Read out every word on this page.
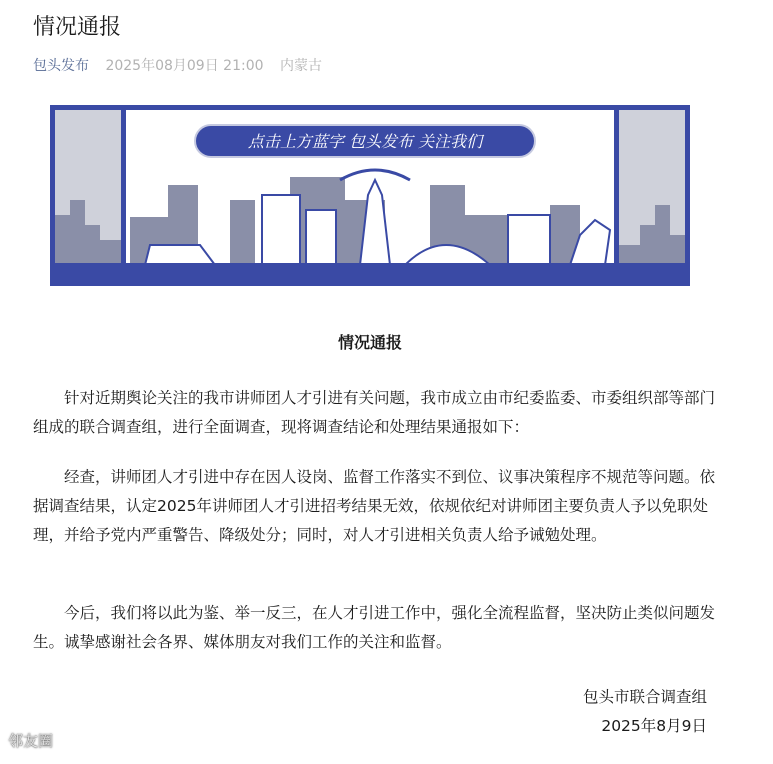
情况通报
包头发布 2025年08月09日 21:00 内蒙古
点击上方蓝字 包头发布 关注我们
情况通报

针对近期舆论关注的我市讲师团人才引进有关问题，我市成立由市纪委监委、市委组织部等部门组成的联合调查组，进行全面调查，现将调查结论和处理结果通报如下：

经查，讲师团人才引进中存在因人设岗、监督工作落实不到位、议事决策程序不规范等问题。依据调查结果，认定2025年讲师团人才引进招考结果无效，依规依纪对讲师团主要负责人予以免职处理，并给予党内严重警告、降级处分；同时，对人才引进相关负责人给予诫勉处理。

今后，我们将以此为鉴、举一反三，在人才引进工作中，强化全流程监督，坚决防止类似问题发生。诚挚感谢社会各界、媒体朋友对我们工作的关注和监督。

包头市联合调查组
2025年8月9日
邻友圈
